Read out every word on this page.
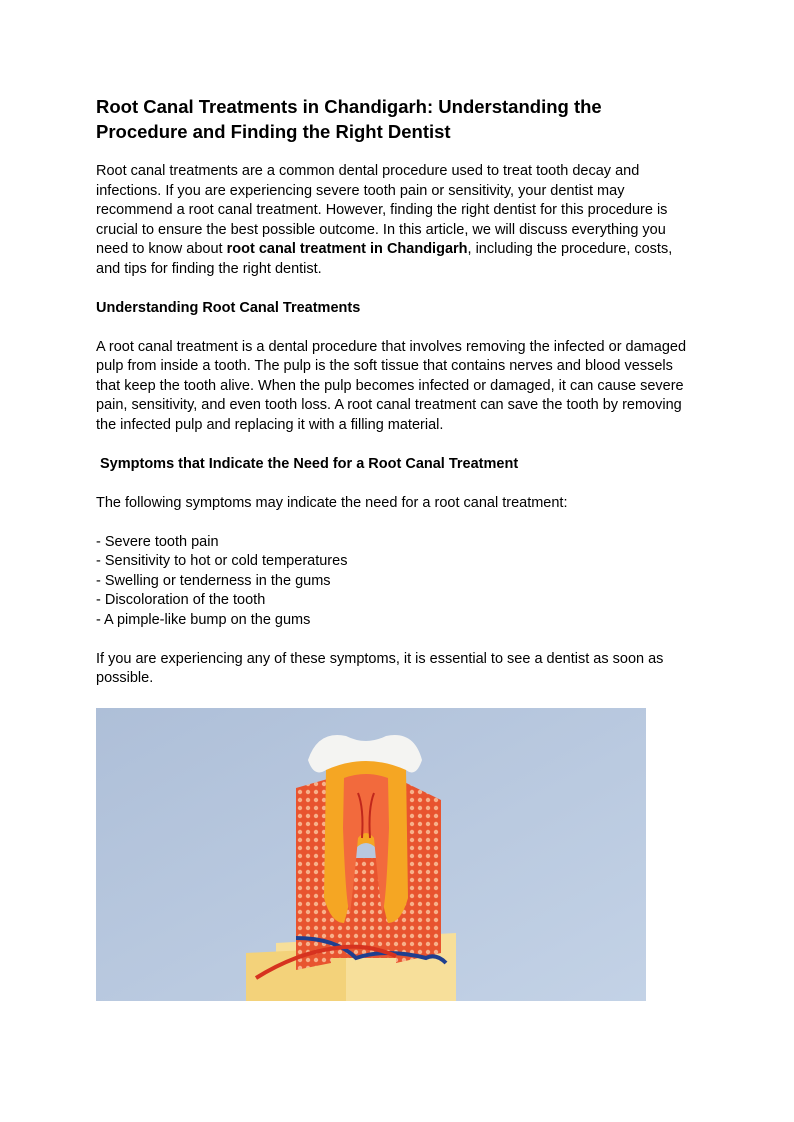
Root Canal Treatments in Chandigarh: Understanding the Procedure and Finding the Right Dentist

Root canal treatments are a common dental procedure used to treat tooth decay and infections. If you are experiencing severe tooth pain or sensitivity, your dentist may recommend a root canal treatment. However, finding the right dentist for this procedure is crucial to ensure the best possible outcome. In this article, we will discuss everything you need to know about root canal treatment in Chandigarh, including the procedure, costs, and tips for finding the right dentist.

Understanding Root Canal Treatments

A root canal treatment is a dental procedure that involves removing the infected or damaged pulp from inside a tooth. The pulp is the soft tissue that contains nerves and blood vessels that keep the tooth alive. When the pulp becomes infected or damaged, it can cause severe pain, sensitivity, and even tooth loss. A root canal treatment can save the tooth by removing the infected pulp and replacing it with a filling material.

Symptoms that Indicate the Need for a Root Canal Treatment

The following symptoms may indicate the need for a root canal treatment:

- Severe tooth pain
- Sensitivity to hot or cold temperatures
- Swelling or tenderness in the gums
- Discoloration of the tooth
- A pimple-like bump on the gums

If you are experiencing any of these symptoms, it is essential to see a dentist as soon as possible.
